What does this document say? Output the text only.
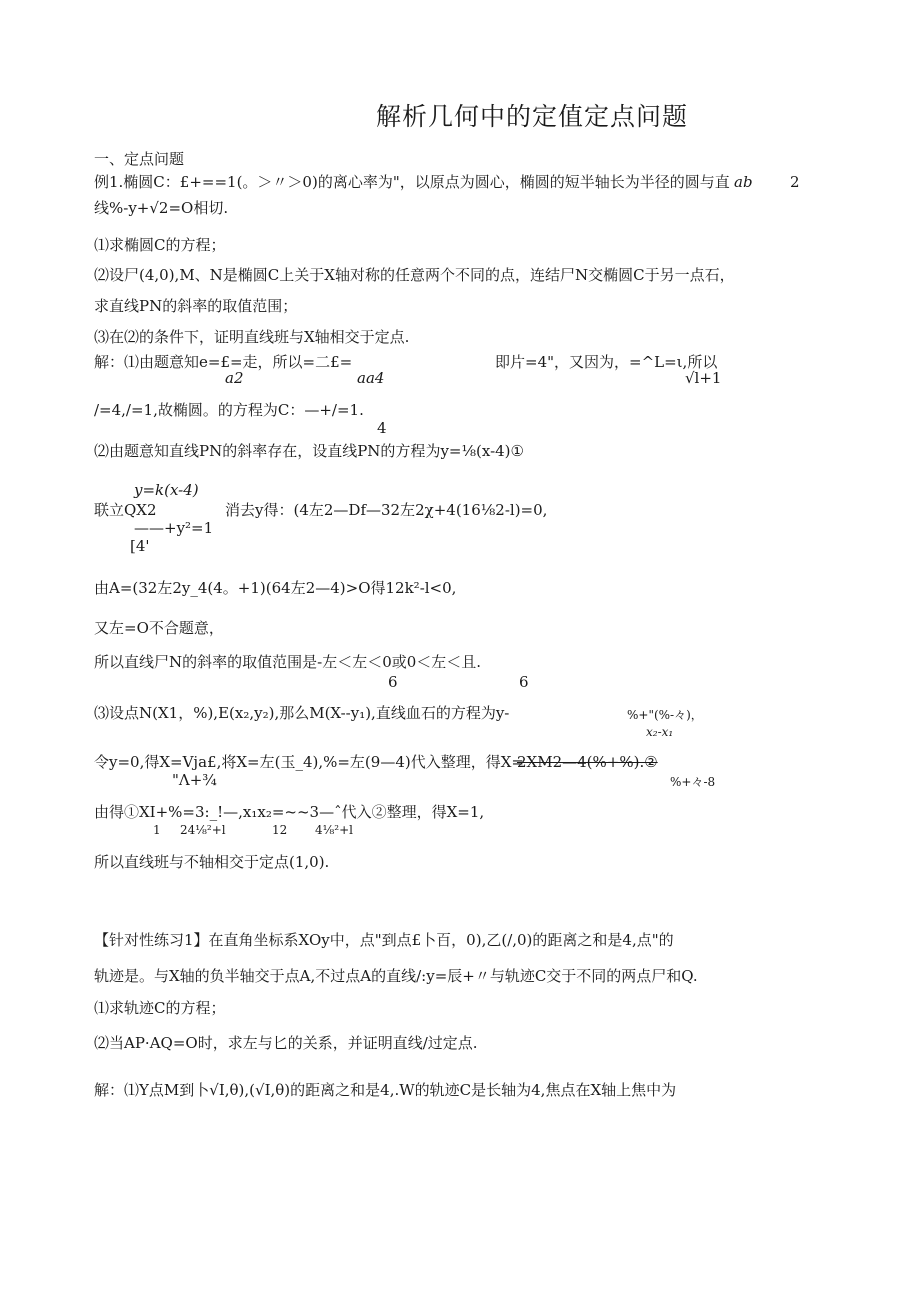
解析几何中的定值定点问题
一、定点问题
例1.椭圆C：£+==1(。＞〃＞0)的离心率为"，以原点为圆心，椭圆的短半轴长为半径的圆与直 ab 2
线%-y+√2=O相切.
⑴求椭圆C的方程；
⑵设尸(4,0),M、N是椭圆C上关于X轴对称的任意两个不同的点，连结尸N交椭圆C于另一点石，
求直线PN的斜率的取值范围；
⑶在⑵的条件下，证明直线班与X轴相交于定点.
解：⑴由题意知e=£=走，所以=二£=	即片=4"，又因为，=^L=ι,所以
a2	aa4	√l+1
/=4,/=1,故椭圆。的方程为C：—+/=1.
4
⑵由题意知直线PN的斜率存在，设直线PN的方程为y=⅛(x-4)①
y=k(x-4)
联立QX2	消去y得：(4左2—Df—32左2χ+4(16⅛2-l)=0,
——+y²=1
[4'
由A=(32左2y_4(4。+1)(64左2—4)>O得12k²-l<0,
又左=O不合题意，
所以直线尸N的斜率的取值范围是-左＜左＜0或0＜左＜且.
6	6
⑶设点N(X1，%),E(x₂,y₂),那么M(X--y₁),直线血石的方程为y-	%+"(%-々)，
x₂-x₁
令y=0,得X=Vja£,将X=左(玉_4),%=左(9—4)代入整理，得X=
2XM2—4(%+%).②
"Λ+¾	%+々-8
由得①XI+%=3:_!—,x₁x₂=~~3—ˆ代入②整理，得X=1,
1 24⅛²+l	12 4⅛²+l
所以直线班与不轴相交于定点(1,0).
【针对性练习1】在直角坐标系XOy中，点"到点£卜百，0),乙(/,0)的距离之和是4,点"的
轨迹是。与X轴的负半轴交于点A,不过点A的直线/:y=辰+〃与轨迹C交于不同的两点尸和Q.
⑴求轨迹C的方程；
⑵当AP·AQ=O时，求左与匕的关系，并证明直线/过定点.
解：⑴Y点M到卜√I,θ),(√I,θ)的距离之和是4,.W的轨迹C是长轴为4,焦点在X轴上焦中为
